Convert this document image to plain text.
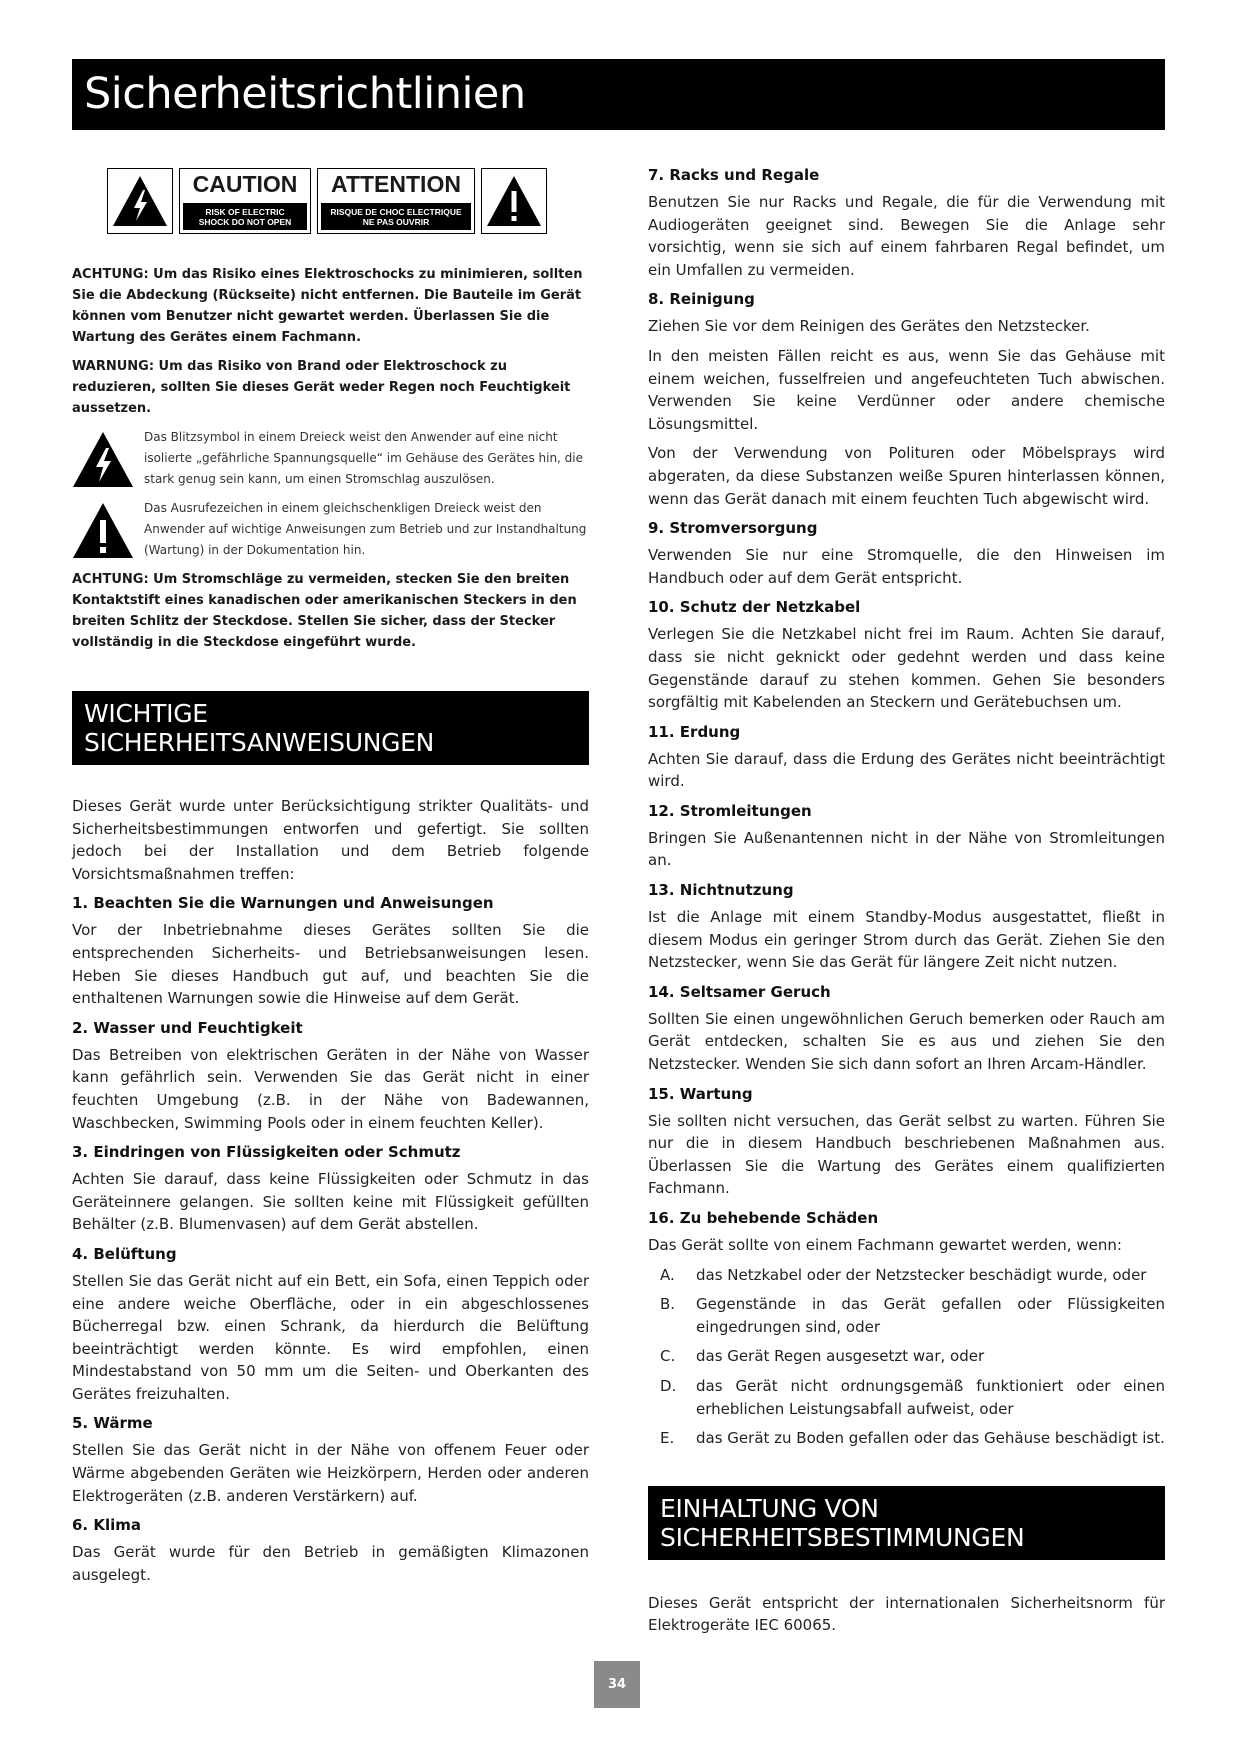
Sicherheitsrichtlinien
CAUTION
RISK OF ELECTRIC
SHOCK DO NOT OPEN
ATTENTION
RISQUE DE CHOC ELECTRIQUE
NE PAS OUVRIR

ACHTUNG: Um das Risiko eines Elektroschocks zu minimieren, sollten Sie die Abdeckung (Rückseite) nicht entfernen. Die Bauteile im Gerät können vom Benutzer nicht gewartet werden. Überlassen Sie die Wartung des Gerätes einem Fachmann.

WARNUNG: Um das Risiko von Brand oder Elektroschock zu reduzieren, sollten Sie dieses Gerät weder Regen noch Feuchtigkeit aussetzen.

Das Blitzsymbol in einem Dreieck weist den Anwender auf eine nicht isolierte „gefährliche Spannungsquelle“ im Gehäuse des Gerätes hin, die stark genug sein kann, um einen Stromschlag auszulösen.
Das Ausrufezeichen in einem gleichschenkligen Dreieck weist den Anwender auf wichtige Anweisungen zum Betrieb und zur Instandhaltung (Wartung) in der Dokumentation hin.

ACHTUNG: Um Stromschläge zu vermeiden, stecken Sie den breiten Kontaktstift eines kanadischen oder amerikanischen Steckers in den breiten Schlitz der Steckdose. Stellen Sie sicher, dass der Stecker vollständig in die Steckdose eingeführt wurde.

WICHTIGE
SICHERHEITSANWEISUNGEN

Dieses Gerät wurde unter Berücksichtigung strikter Qualitäts- und Sicherheitsbestimmungen entworfen und gefertigt. Sie sollten jedoch bei der Installation und dem Betrieb folgende Vorsichtsmaßnahmen treffen:

1. Beachten Sie die Warnungen und Anweisungen

Vor der Inbetriebnahme dieses Gerätes sollten Sie die entsprechenden Sicherheits- und Betriebsanweisungen lesen. Heben Sie dieses Handbuch gut auf, und beachten Sie die enthaltenen Warnungen sowie die Hinweise auf dem Gerät.

2. Wasser und Feuchtigkeit

Das Betreiben von elektrischen Geräten in der Nähe von Wasser kann gefährlich sein. Verwenden Sie das Gerät nicht in einer feuchten Umgebung (z.B. in der Nähe von Badewannen, Waschbecken, Swimming Pools oder in einem feuchten Keller).

3. Eindringen von Flüssigkeiten oder Schmutz

Achten Sie darauf, dass keine Flüssigkeiten oder Schmutz in das Geräteinnere gelangen. Sie sollten keine mit Flüssigkeit gefüllten Behälter (z.B. Blumenvasen) auf dem Gerät abstellen.

4. Belüftung

Stellen Sie das Gerät nicht auf ein Bett, ein Sofa, einen Teppich oder eine andere weiche Oberfläche, oder in ein abgeschlossenes Bücherregal bzw. einen Schrank, da hierdurch die Belüftung beeinträchtigt werden könnte. Es wird empfohlen, einen Mindestabstand von 50 mm um die Seiten- und Oberkanten des Gerätes freizuhalten.

5. Wärme

Stellen Sie das Gerät nicht in der Nähe von offenem Feuer oder Wärme abgebenden Geräten wie Heizkörpern, Herden oder anderen Elektrogeräten (z.B. anderen Verstärkern) auf.

6. Klima

Das Gerät wurde für den Betrieb in gemäßigten Klimazonen ausgelegt.

7. Racks und Regale

Benutzen Sie nur Racks und Regale, die für die Verwendung mit Audiogeräten geeignet sind. Bewegen Sie die Anlage sehr vorsichtig, wenn sie sich auf einem fahrbaren Regal befindet, um ein Umfallen zu vermeiden.

8. Reinigung

Ziehen Sie vor dem Reinigen des Gerätes den Netzstecker.

In den meisten Fällen reicht es aus, wenn Sie das Gehäuse mit einem weichen, fusselfreien und angefeuchteten Tuch abwischen. Verwenden Sie keine Verdünner oder andere chemische Lösungsmittel.

Von der Verwendung von Polituren oder Möbelsprays wird abgeraten, da diese Substanzen weiße Spuren hinterlassen können, wenn das Gerät danach mit einem feuchten Tuch abgewischt wird.

9. Stromversorgung

Verwenden Sie nur eine Stromquelle, die den Hinweisen im Handbuch oder auf dem Gerät entspricht.

10. Schutz der Netzkabel

Verlegen Sie die Netzkabel nicht frei im Raum. Achten Sie darauf, dass sie nicht geknickt oder gedehnt werden und dass keine Gegenstände darauf zu stehen kommen. Gehen Sie besonders sorgfältig mit Kabelenden an Steckern und Gerätebuchsen um.

11. Erdung

Achten Sie darauf, dass die Erdung des Gerätes nicht beeinträchtigt wird.

12. Stromleitungen

Bringen Sie Außenantennen nicht in der Nähe von Stromleitungen an.

13. Nichtnutzung

Ist die Anlage mit einem Standby-Modus ausgestattet, fließt in diesem Modus ein geringer Strom durch das Gerät. Ziehen Sie den Netzstecker, wenn Sie das Gerät für längere Zeit nicht nutzen.

14. Seltsamer Geruch

Sollten Sie einen ungewöhnlichen Geruch bemerken oder Rauch am Gerät entdecken, schalten Sie es aus und ziehen Sie den Netzstecker. Wenden Sie sich dann sofort an Ihren Arcam-Händler.

15. Wartung

Sie sollten nicht versuchen, das Gerät selbst zu warten. Führen Sie nur die in diesem Handbuch beschriebenen Maßnahmen aus. Überlassen Sie die Wartung des Gerätes einem qualifizierten Fachmann.

16. Zu behebende Schäden

Das Gerät sollte von einem Fachmann gewartet werden, wenn:

A.	das Netzkabel oder der Netzstecker beschädigt wurde, oder
B.	Gegenstände in das Gerät gefallen oder Flüssigkeiten eingedrungen sind, oder
C.	das Gerät Regen ausgesetzt war, oder
D.	das Gerät nicht ordnungsgemäß funktioniert oder einen erheblichen Leistungsabfall aufweist, oder
E.	das Gerät zu Boden gefallen oder das Gehäuse beschädigt ist.
EINHALTUNG VON
SICHERHEITSBESTIMMUNGEN

Dieses Gerät entspricht der internationalen Sicherheitsnorm für Elektrogeräte IEC 60065.

34
